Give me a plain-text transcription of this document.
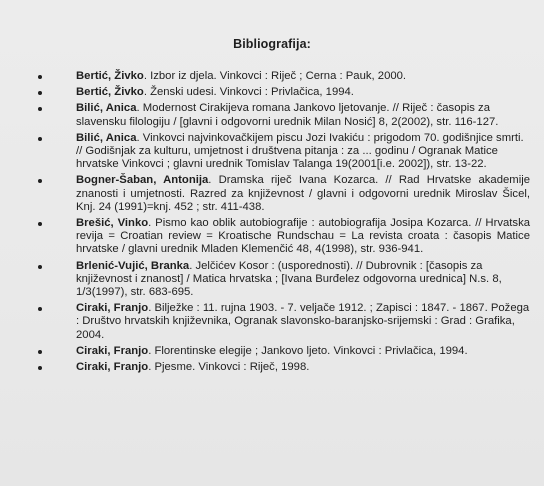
Bibliografija:
Bertić, Živko. Izbor iz djela. Vinkovci : Riječ ; Cerna : Pauk, 2000.
Bertić, Živko. Ženski udesi. Vinkovci : Privlačica, 1994.
Bilić, Anica. Modernost Cirakijeva romana Jankovo ljetovanje. // Riječ : časopis za slavensku filologiju / [glavni i odgovorni urednik Milan Nosić] 8, 2(2002), str. 116-127.
Bilić, Anica. Vinkovci najvinkovačkijem piscu Jozi Ivakiću : prigodom 70. godišnjice smrti. // Godišnjak za kulturu, umjetnost i društvena pitanja : za ... godinu / Ogranak Matice hrvatske Vinkovci ; glavni urednik Tomislav Talanga 19(2001[i.e. 2002]), str. 13-22.
Bogner-Šaban, Antonija. Dramska riječ Ivana Kozarca. // Rad Hrvatske akademije znanosti i umjetnosti. Razred za književnost / glavni i odgovorni urednik Miroslav Šicel, Knj. 24 (1991)=knj. 452 ; str. 411-438.
Brešić, Vinko. Pismo kao oblik autobiografije : autobiografija Josipa Kozarca. // Hrvatska revija = Croatian review = Kroatische Rundschau = La revista croata : časopis Matice hrvatske / glavni urednik Mladen Klemenčić 48, 4(1998), str. 936-941.
Brlenić-Vujić, Branka. Jelčićev Kosor : (usporednosti). // Dubrovnik : [časopis za književnost i znanost] / Matica hrvatska ; [Ivana Burđelez odgovorna urednica] N.s. 8, 1/3(1997), str. 683-695.
Ciraki, Franjo. Bilježke : 11. rujna 1903. - 7. veljače 1912. ; Zapisci : 1847. - 1867. Požega : Društvo hrvatskih književnika, Ogranak slavonsko-baranjsko-srijemski : Grad : Grafika, 2004.
Ciraki, Franjo. Florentinske elegije ; Jankovo ljeto. Vinkovci : Privlačica, 1994.
Ciraki, Franjo. Pjesme. Vinkovci : Riječ, 1998.
